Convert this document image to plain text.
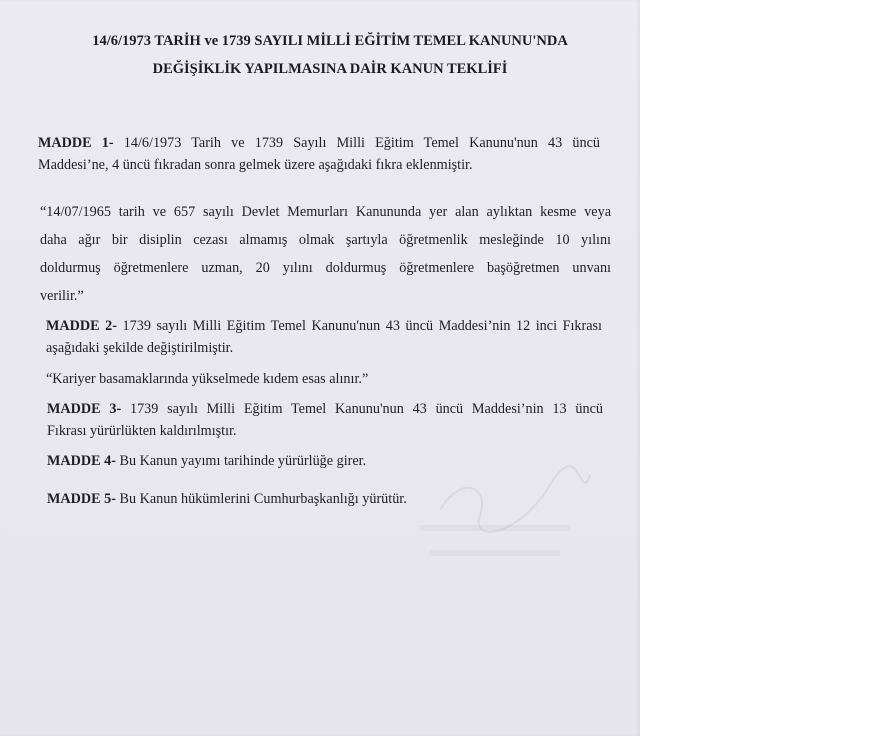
14/6/1973 TARİH ve 1739 SAYILI MİLLİ EĞİTİM TEMEL KANUNU'NDA
DEĞİŞİKLİK YAPILMASINA DAİR KANUN TEKLİFİ
MADDE 1- 14/6/1973 Tarih ve 1739 Sayılı Milli Eğitim Temel Kanunu'nun 43 üncü
Maddesi’ne, 4 üncü fıkradan sonra gelmek üzere aşağıdaki fıkra eklenmiştir.
“14/07/1965 tarih ve 657 sayılı Devlet Memurları Kanununda yer alan aylıktan kesme veya
daha ağır bir disiplin cezası almamış olmak şartıyla öğretmenlik mesleğinde 10 yılını
doldurmuş öğretmenlere uzman, 20 yılını doldurmuş öğretmenlere başöğretmen unvanı
verilir.”
MADDE 2- 1739 sayılı Milli Eğitim Temel Kanunu'nun 43 üncü Maddesi’nin 12 inci Fıkrası
aşağıdaki şekilde değiştirilmiştir.
“Kariyer basamaklarında yükselmede kıdem esas alınır.”
MADDE 3- 1739 sayılı Milli Eğitim Temel Kanunu'nun 43 üncü Maddesi’nin 13 üncü
Fıkrası yürürlükten kaldırılmıştır.
MADDE 4- Bu Kanun yayımı tarihinde yürürlüğe girer.
MADDE 5- Bu Kanun hükümlerini Cumhurbaşkanlığı yürütür.
